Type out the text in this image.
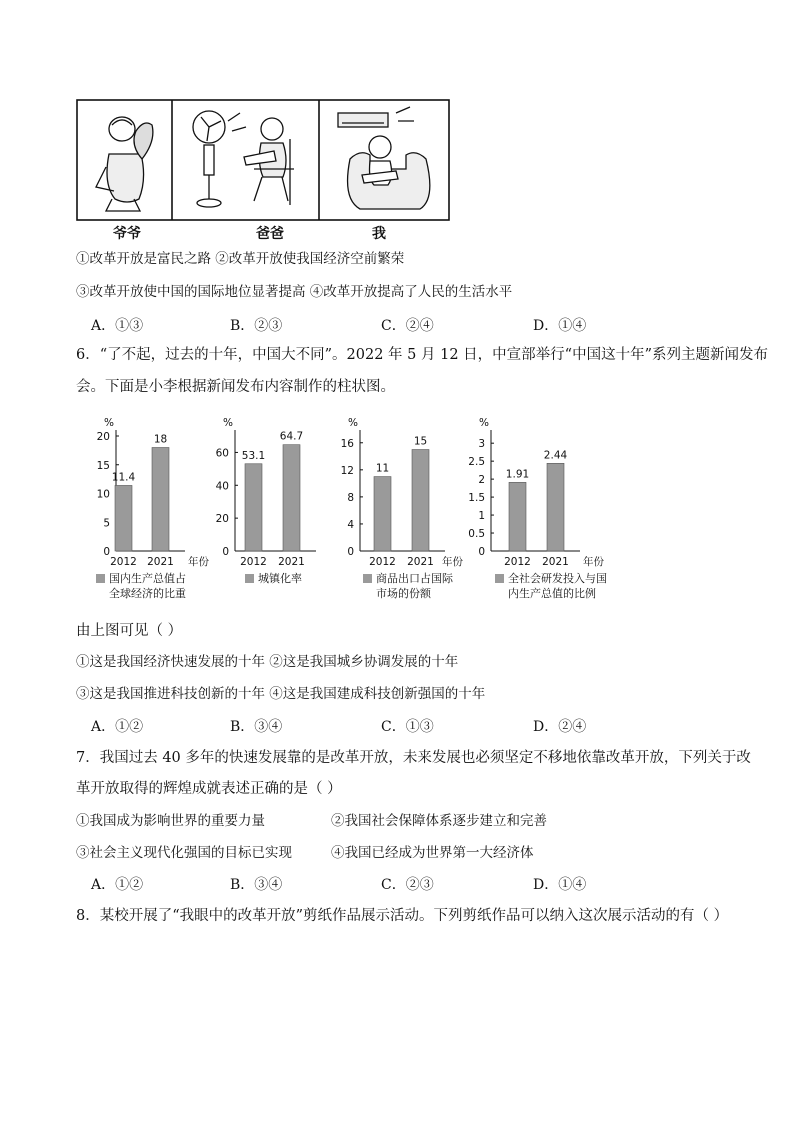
爷爷	爸爸	我
①改革开放是富民之路 ②改革开放使我国经济空前繁荣
③改革开放使中国的国际地位显著提高 ④改革开放提高了人民的生活水平
A．①③	B．②③	C．②④	D．①④
6．“了不起，过去的十年，中国大不同”。2022 年 5 月 12 日，中宣部举行“中国这十年”系列主题新闻发布
会。下面是小李根据新闻发布内容制作的柱状图。
%
0
5
10
15
20
11.4
2012
18
2021 年份
%
0
20
40
60 53.1
2012
64.7
2021
%
0
4
8
12
16
11
2012
15
2021 年份
%
0
0.5
1
1.5
2
2.5
3
1.91
2012
2.44
2021 年份
国内生产总值占
全球经济的比重
城镇化率	商品出口占国际
市场的份额
全社会研发投入与国
内生产总值的比例
由上图可见（ ）
①这是我国经济快速发展的十年 ②这是我国城乡协调发展的十年
③这是我国推进科技创新的十年 ④这是我国建成科技创新强国的十年
A．①②	B．③④	C．①③	D．②④
7．我国过去 40 多年的快速发展靠的是改革开放，未来发展也必须坚定不移地依靠改革开放，下列关于改
革开放取得的辉煌成就表述正确的是（ ）
①我国成为影响世界的重要力量	②我国社会保障体系逐步建立和完善
③社会主义现代化强国的目标已实现	④我国已经成为世界第一大经济体
A．①②	B．③④	C．②③	D．①④
8．某校开展了“我眼中的改革开放”剪纸作品展示活动。下列剪纸作品可以纳入这次展示活动的有（ ）
